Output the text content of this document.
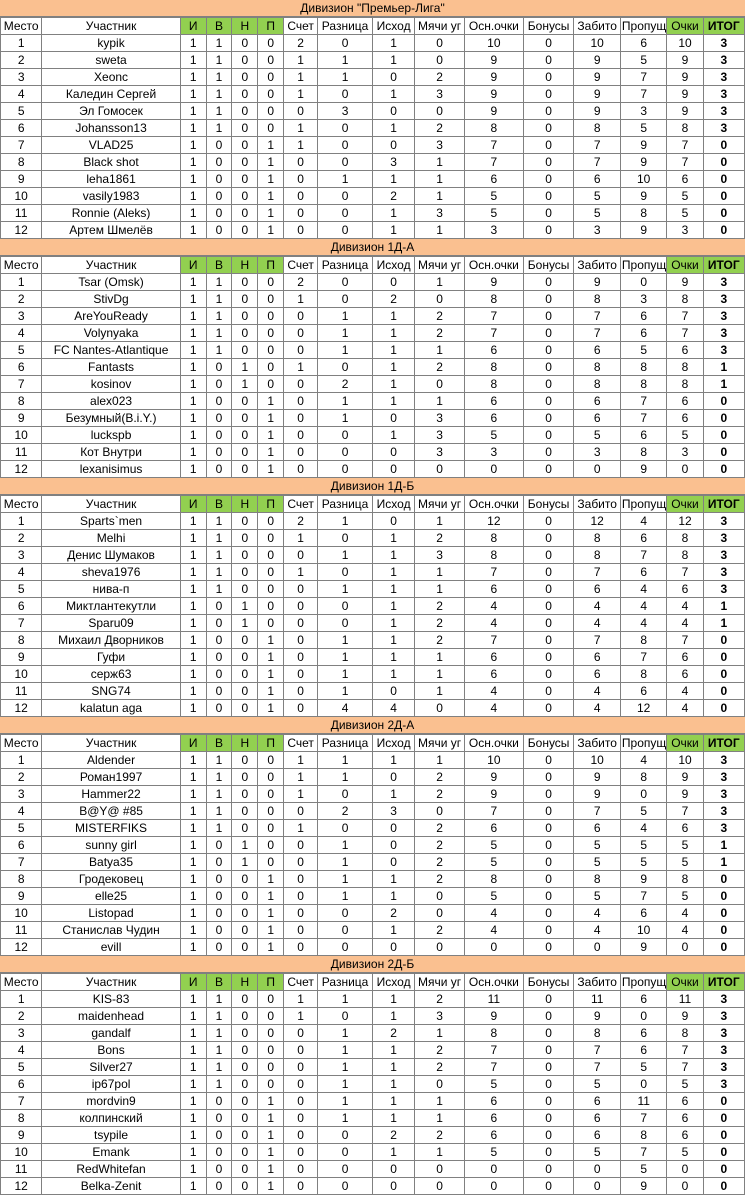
Дивизион "Премьер-Лига"
Место	Участник	И	В	Н	П	Счет	Разница	Исход	Мячи уг	Осн.очки	Бонусы	Забито	Пропущ	Очки	ИТОГ
1	kypik	1	1	0	0	2	0	1	0	10	0	10	6	10	3
2	sweta	1	1	0	0	1	1	1	0	9	0	9	5	9	3
3	Xeonc	1	1	0	0	1	1	0	2	9	0	9	7	9	3
4	Каледин Сергей	1	1	0	0	1	0	1	3	9	0	9	7	9	3
5	Эл Гомосек	1	1	0	0	0	3	0	0	9	0	9	3	9	3
6	Johansson13	1	1	0	0	1	0	1	2	8	0	8	5	8	3
7	VLAD25	1	0	0	1	1	0	0	3	7	0	7	9	7	0
8	Black shot	1	0	0	1	0	0	3	1	7	0	7	9	7	0
9	leha1861	1	0	0	1	0	1	1	1	6	0	6	10	6	0
10	vasily1983	1	0	0	1	0	0	2	1	5	0	5	9	5	0
11	Ronnie (Aleks)	1	0	0	1	0	0	1	3	5	0	5	8	5	0
12	Артем Шмелёв	1	0	0	1	0	0	1	1	3	0	3	9	3	0
Дивизион 1Д-А
Место	Участник	И	В	Н	П	Счет	Разница	Исход	Мячи уг	Осн.очки	Бонусы	Забито	Пропущ	Очки	ИТОГ
1	Tsar (Omsk)	1	1	0	0	2	0	0	1	9	0	9	0	9	3
2	StivDg	1	1	0	0	1	0	2	0	8	0	8	3	8	3
3	AreYouReady	1	1	0	0	0	1	1	2	7	0	7	6	7	3
4	Volynyaka	1	1	0	0	0	1	1	2	7	0	7	6	7	3
5	FC Nantes-Atlantique	1	1	0	0	0	1	1	1	6	0	6	5	6	3
6	Fantasts	1	0	1	0	1	0	1	2	8	0	8	8	8	1
7	kosinov	1	0	1	0	0	2	1	0	8	0	8	8	8	1
8	alex023	1	0	0	1	0	1	1	1	6	0	6	7	6	0
9	Безумный(B.i.Y.)	1	0	0	1	0	1	0	3	6	0	6	7	6	0
10	luckspb	1	0	0	1	0	0	1	3	5	0	5	6	5	0
11	Кот Внутри	1	0	0	1	0	0	0	3	3	0	3	8	3	0
12	lexanisimus	1	0	0	1	0	0	0	0	0	0	0	9	0	0
Дивизион 1Д-Б
Место	Участник	И	В	Н	П	Счет	Разница	Исход	Мячи уг	Осн.очки	Бонусы	Забито	Пропущ	Очки	ИТОГ
1	Sparts`men	1	1	0	0	2	1	0	1	12	0	12	4	12	3
2	Melhi	1	1	0	0	1	0	1	2	8	0	8	6	8	3
3	Денис Шумаков	1	1	0	0	0	1	1	3	8	0	8	7	8	3
4	sheva1976	1	1	0	0	1	0	1	1	7	0	7	6	7	3
5	нива-п	1	1	0	0	0	1	1	1	6	0	6	4	6	3
6	Миктлантекутли	1	0	1	0	0	0	1	2	4	0	4	4	4	1
7	Sparu09	1	0	1	0	0	0	1	2	4	0	4	4	4	1
8	Михаил Дворников	1	0	0	1	0	1	1	2	7	0	7	8	7	0
9	Гуфи	1	0	0	1	0	1	1	1	6	0	6	7	6	0
10	серж63	1	0	0	1	0	1	1	1	6	0	6	8	6	0
11	SNG74	1	0	0	1	0	1	0	1	4	0	4	6	4	0
12	kalatun aga	1	0	0	1	0	4	4	0	4	0	4	12	4	0
Дивизион 2Д-А
Место	Участник	И	В	Н	П	Счет	Разница	Исход	Мячи уг	Осн.очки	Бонусы	Забито	Пропущ	Очки	ИТОГ
1	Aldender	1	1	0	0	1	1	1	1	10	0	10	4	10	3
2	Роман1997	1	1	0	0	1	1	0	2	9	0	9	8	9	3
3	Hammer22	1	1	0	0	1	0	1	2	9	0	9	0	9	3
4	B@Y@ #85	1	1	0	0	0	2	3	0	7	0	7	5	7	3
5	MISTERFIKS	1	1	0	0	1	0	0	2	6	0	6	4	6	3
6	sunny girl	1	0	1	0	0	1	0	2	5	0	5	5	5	1
7	Batya35	1	0	1	0	0	1	0	2	5	0	5	5	5	1
8	Гродековец	1	0	0	1	0	1	1	2	8	0	8	9	8	0
9	elle25	1	0	0	1	0	1	1	0	5	0	5	7	5	0
10	Listopad	1	0	0	1	0	0	2	0	4	0	4	6	4	0
11	Станислав Чудин	1	0	0	1	0	0	1	2	4	0	4	10	4	0
12	evill	1	0	0	1	0	0	0	0	0	0	0	9	0	0
Дивизион 2Д-Б
Место	Участник	И	В	Н	П	Счет	Разница	Исход	Мячи уг	Осн.очки	Бонусы	Забито	Пропущ	Очки	ИТОГ
1	KIS-83	1	1	0	0	1	1	1	2	11	0	11	6	11	3
2	maidenhead	1	1	0	0	1	0	1	3	9	0	9	0	9	3
3	gandalf	1	1	0	0	0	1	2	1	8	0	8	6	8	3
4	Bons	1	1	0	0	0	1	1	2	7	0	7	6	7	3
5	Silver27	1	1	0	0	0	1	1	2	7	0	7	5	7	3
6	ip67pol	1	1	0	0	0	1	1	0	5	0	5	0	5	3
7	mordvin9	1	0	0	1	0	1	1	1	6	0	6	11	6	0
8	колпинский	1	0	0	1	0	1	1	1	6	0	6	7	6	0
9	tsypile	1	0	0	1	0	0	2	2	6	0	6	8	6	0
10	Emank	1	0	0	1	0	0	1	1	5	0	5	7	5	0
11	RedWhitefan	1	0	0	1	0	0	0	0	0	0	0	5	0	0
12	Belka-Zenit	1	0	0	1	0	0	0	0	0	0	0	9	0	0
